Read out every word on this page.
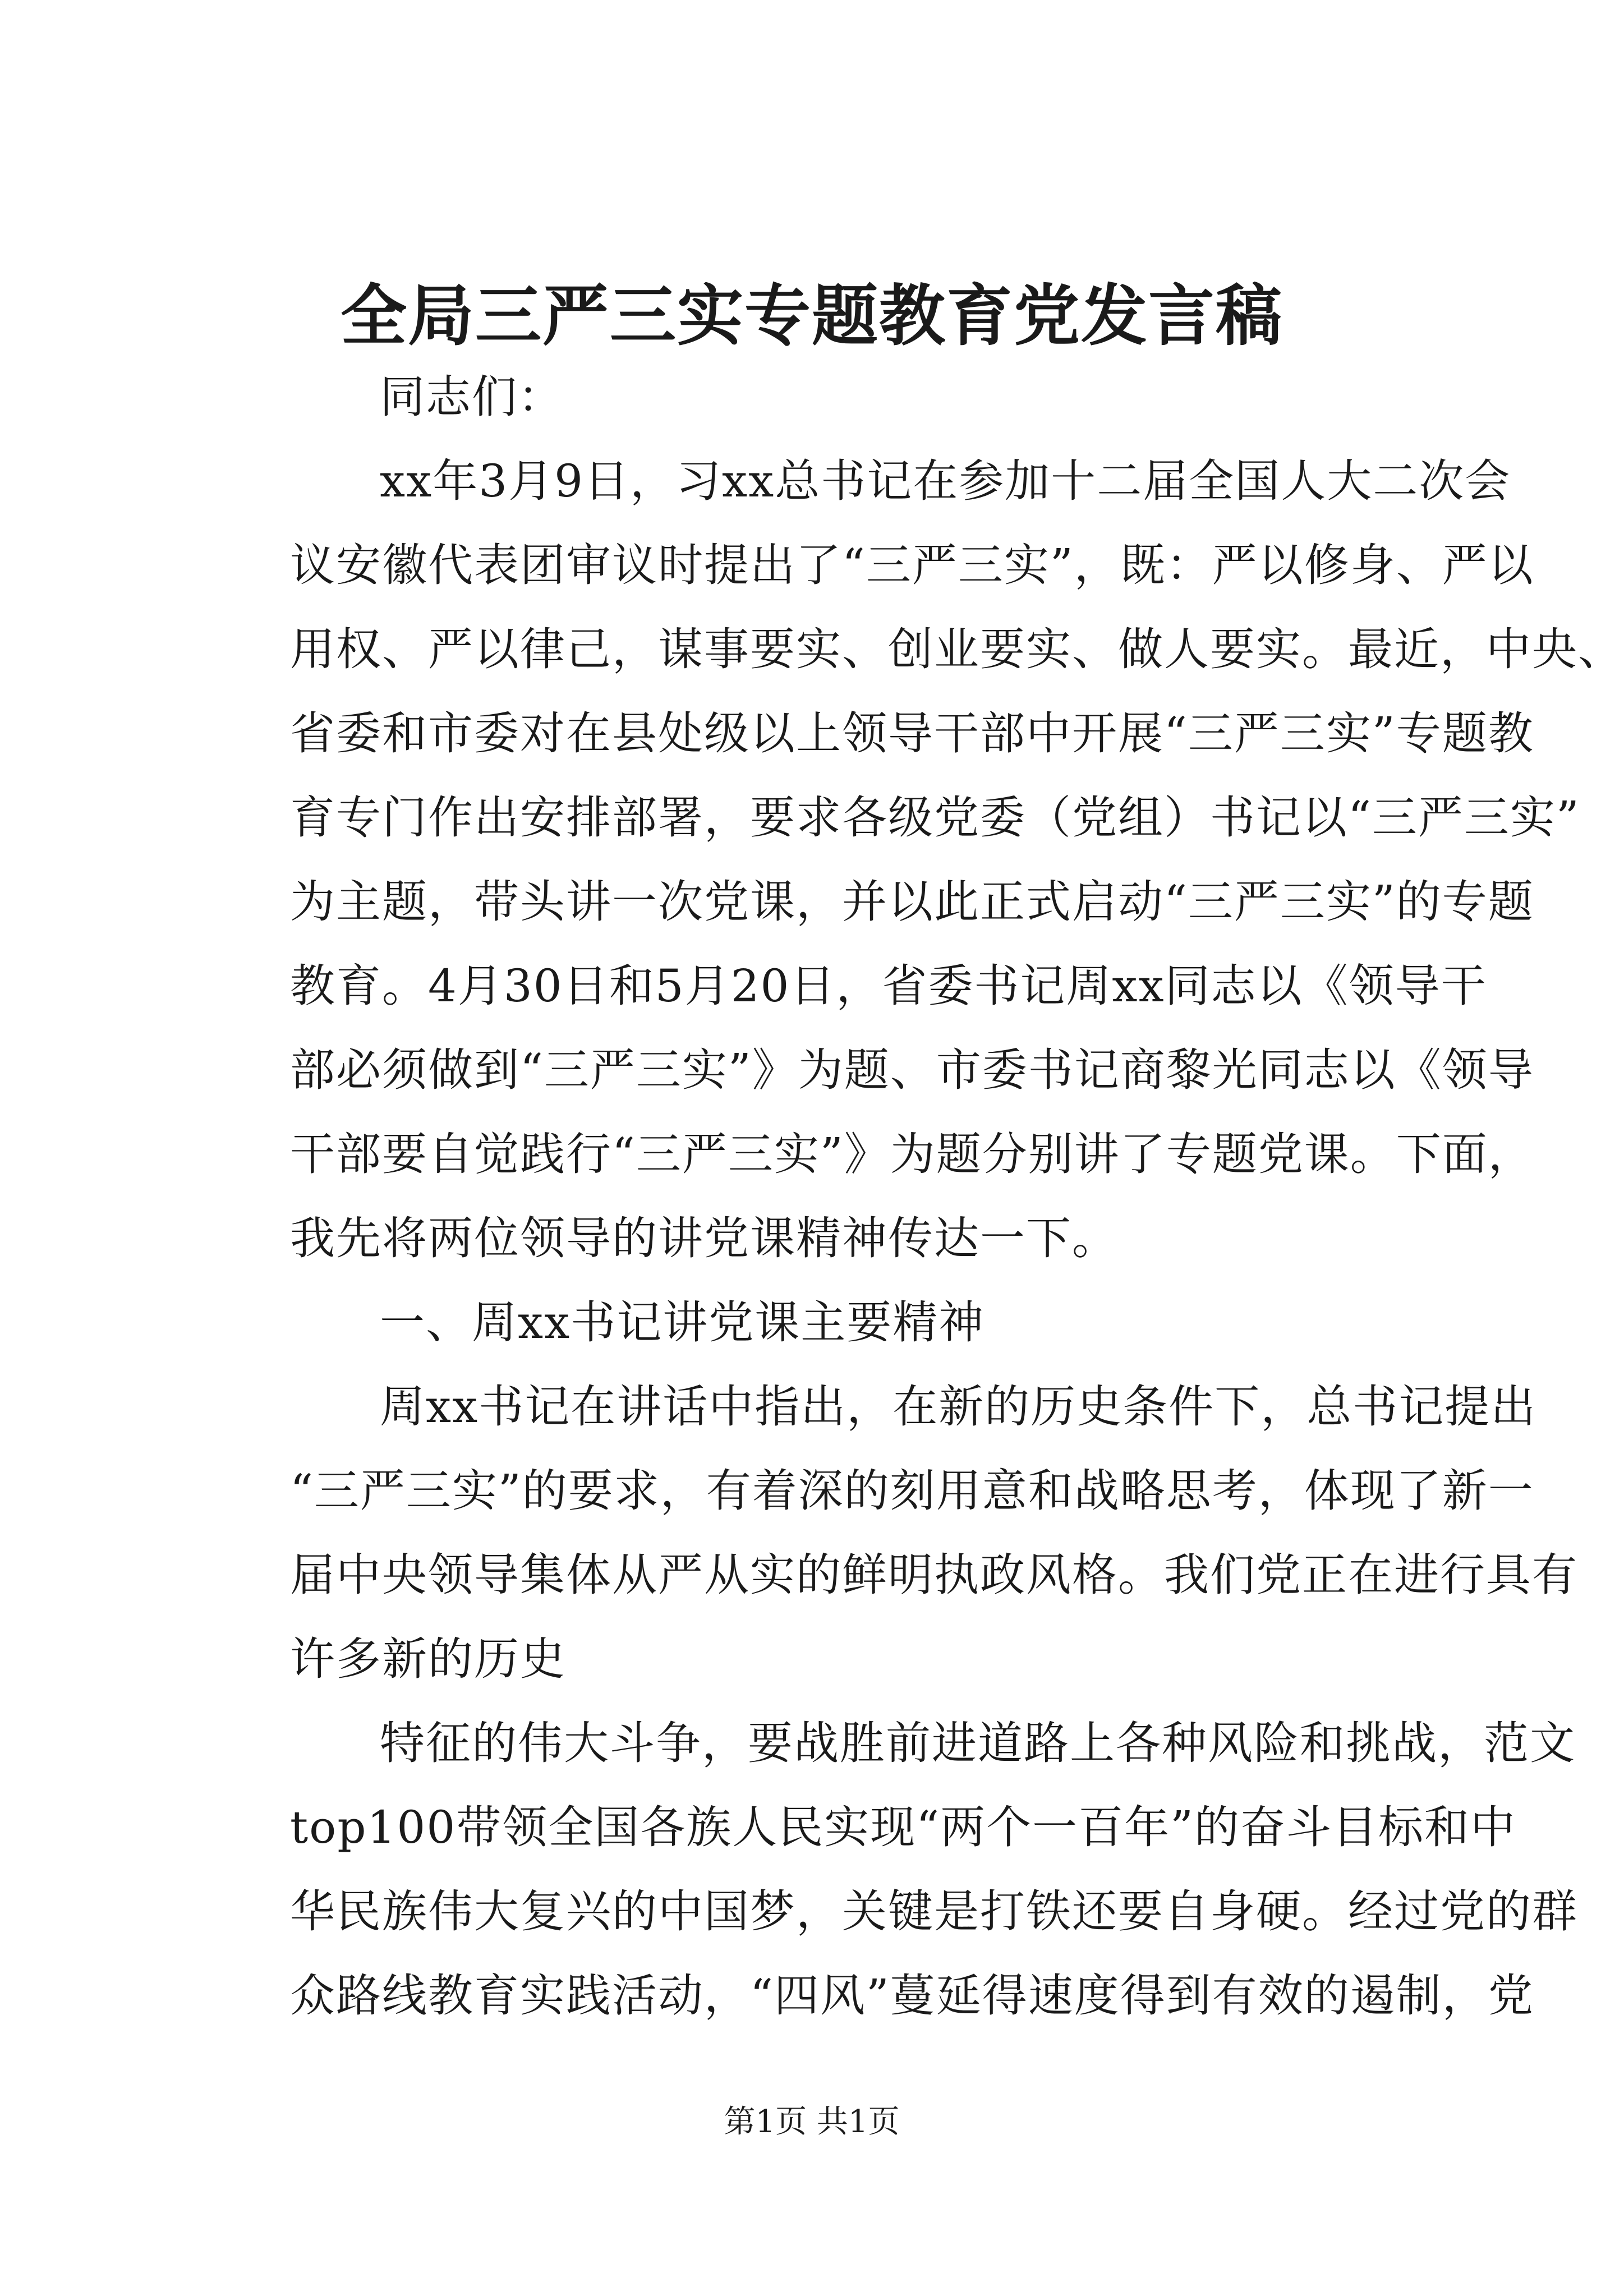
全局三严三实专题教育党发言稿
同志们：
xx年3月9日，习xx总书记在参加十二届全国人大二次会
议安徽代表团审议时提出了“三严三实”，既：严以修身、严以
用权、严以律己，谋事要实、创业要实、做人要实。最近，中央、
省委和市委对在县处级以上领导干部中开展“三严三实”专题教
育专门作出安排部署，要求各级党委（党组）书记以“三严三实”
为主题，带头讲一次党课，并以此正式启动“三严三实”的专题
教育。4月30日和5月20日，省委书记周xx同志以《领导干
部必须做到“三严三实”》为题、市委书记商黎光同志以《领导
干部要自觉践行“三严三实”》为题分别讲了专题党课。下面，
我先将两位领导的讲党课精神传达一下。
一、周xx书记讲党课主要精神
周xx书记在讲话中指出，在新的历史条件下，总书记提出
“三严三实”的要求，有着深的刻用意和战略思考，体现了新一
届中央领导集体从严从实的鲜明执政风格。我们党正在进行具有
许多新的历史
特征的伟大斗争，要战胜前进道路上各种风险和挑战，范文
top100带领全国各族人民实现“两个一百年”的奋斗目标和中
华民族伟大复兴的中国梦，关键是打铁还要自身硬。经过党的群
众路线教育实践活动，“四风”蔓延得速度得到有效的遏制，党
第1页 共1页
